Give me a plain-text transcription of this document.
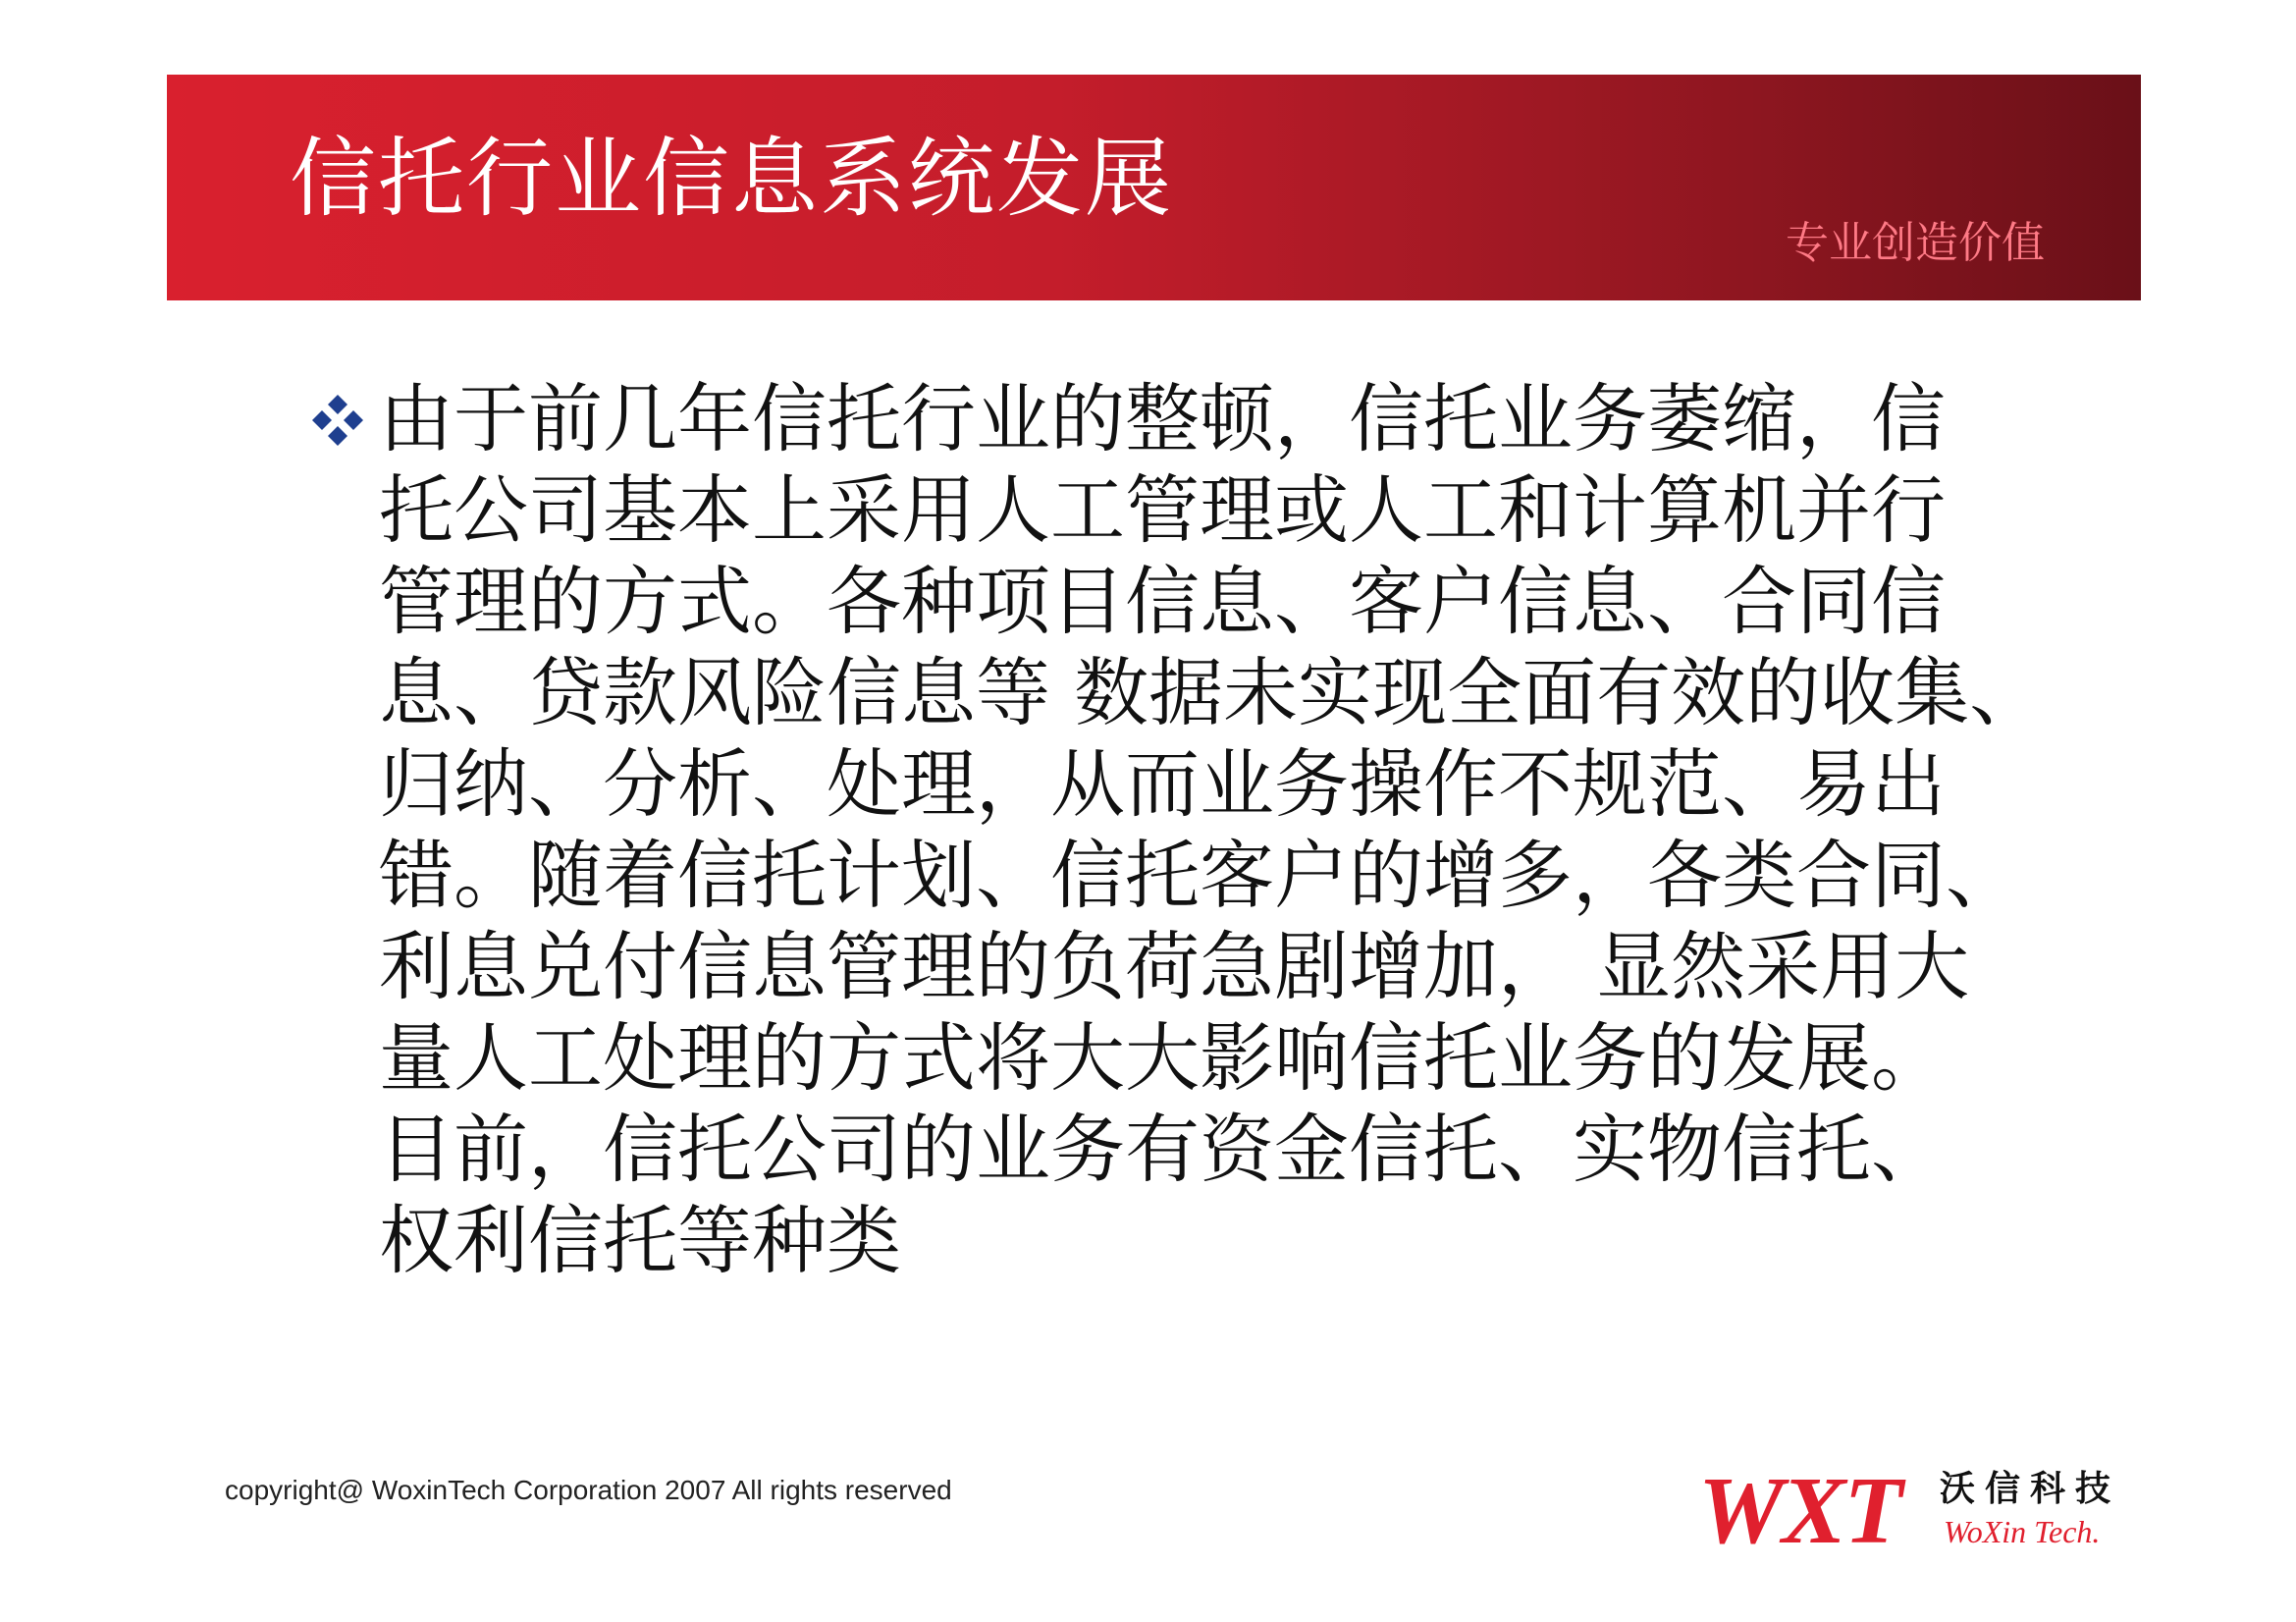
信托行业信息系统发展
专业创造价值
由于前几年信托行业的整顿，信托业务萎缩，信
托公司基本上采用人工管理或人工和计算机并行
管理的方式。各种项目信息、客户信息、合同信
息、贷款风险信息等 数据未实现全面有效的收集、
归纳、分析、处理，从而业务操作不规范、易出
错。随着信托计划、信托客户的增多，各类合同、
利息兑付信息管理的负荷急剧增加， 显然采用大
量人工处理的方式将大大影响信托业务的发展。
目前，信托公司的业务有资金信托、实物信托、
权利信托等种类
copyright@ WoxinTech Corporation 2007 All rights reserved	WXT 沃信科技
WoXin Tech.
